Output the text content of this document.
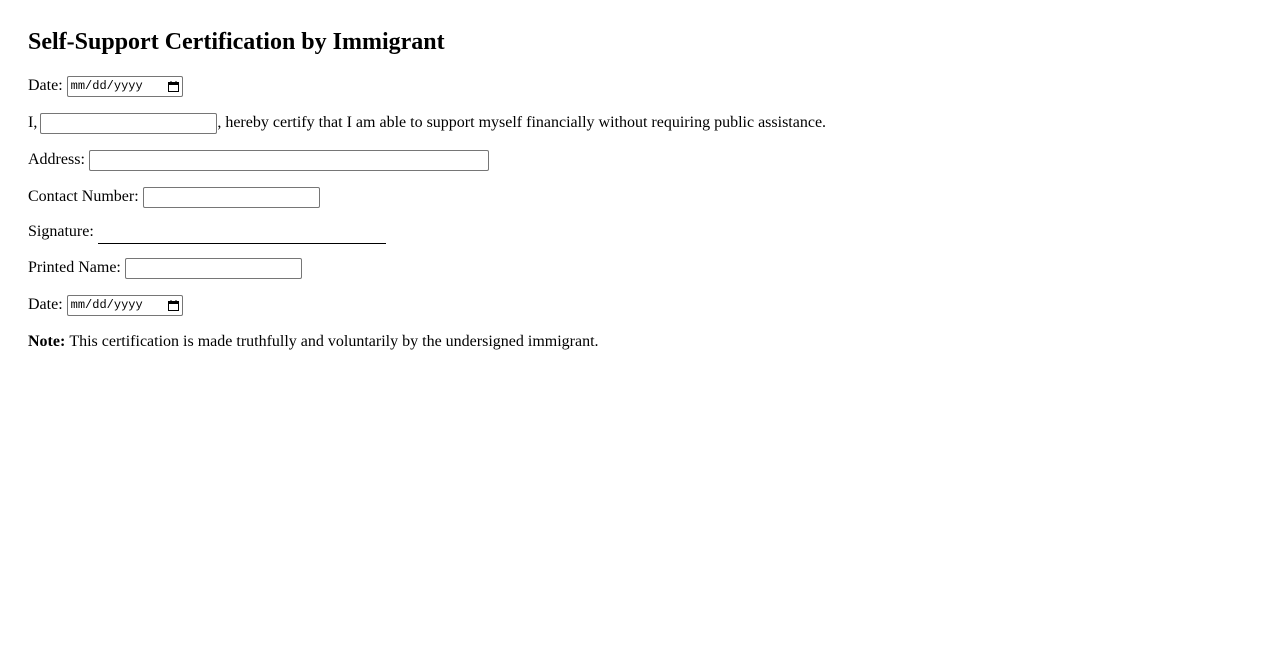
Self-Support Certification by Immigrant
Date: mm/dd/yyyy
I,	, hereby certify that I am able to support myself financially without requiring public assistance.
Address:
Contact Number:
Signature:
Printed Name:
Date: mm/dd/yyyy
Note: This certification is made truthfully and voluntarily by the undersigned immigrant.
